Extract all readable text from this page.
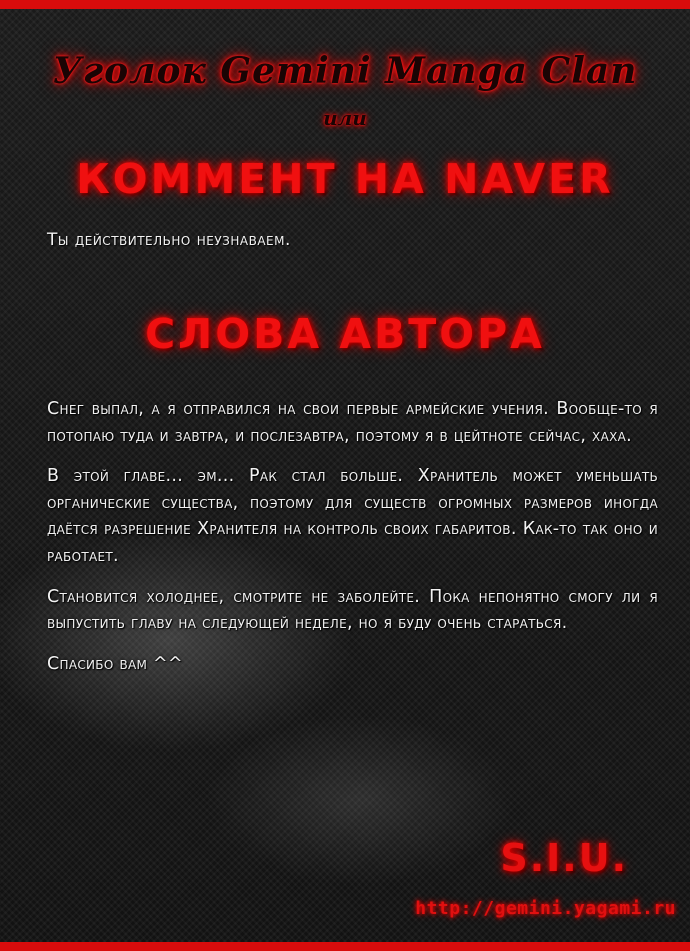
Уголок Gemini Manga Clan
или
КОММЕНТ НА NAVER
Ты действительно неузнаваем.
СЛОВА АВТОРА

Снег выпал, а я отправился на свои первые армейские учения. Вообще-то я потопаю туда и завтра, и послезавтра, поэтому я в цейтноте сейчас, хаха.

В этой главе... эм... Рак стал больше. Хранитель может уменьшать органические существа, поэтому для существ огромных размеров иногда даётся разрешение Хранителя на контроль своих габаритов. Как-то так оно и работает.

Становится холоднее, смотрите не заболейте. Пока непонятно смогу ли я выпустить главу на следующей неделе, но я буду очень стараться.

Спасибо вам ^^

S.I.U.
http://gemini.yagami.ru
